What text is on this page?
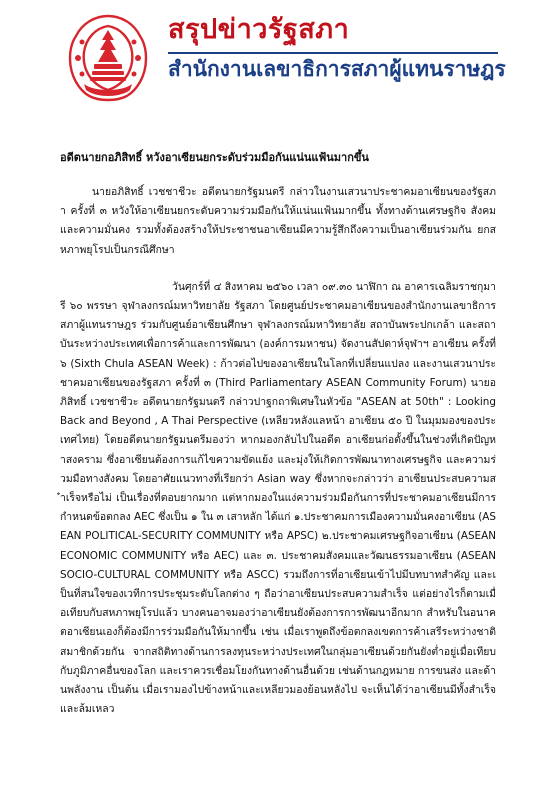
สรุปข่าวรัฐสภา
สำนักงานเลขาธิการสภาผู้แทนราษฎร
อดีตนายกอภิสิทธิ์ หวังอาเซียนยกระดับร่วมมือกันแน่นแฟ้นมากขึ้น

นายอภิสิทธิ์ เวชชาชีวะ อดีตนายกรัฐมนตรี กล่าวในงานเสวนาประชาคมอาเซียนของรัฐสภา ครั้งที่ ๓ หวังให้อาเซียนยกระดับความร่วมมือกันให้แน่นแฟ้นมากขึ้น ทั้งทางด้านเศรษฐกิจ สังคม และความมั่นคง รวมทั้งต้องสร้างให้ประชาชนอาเซียนมีความรู้สึกถึงความเป็นอาเซียนร่วมกัน ยกสหภาพยุโรปเป็นกรณีศึกษา

วันศุกร์ที่ ๔ สิงหาคม ๒๕๖๐ เวลา ๐๙.๓๐ นาฬิกา ณ อาคารเฉลิมราชกุมารี ๖๐ พรรษา จุฬาลงกรณ์มหาวิทยาลัย รัฐสภา โดยศูนย์ประชาคมอาเซียนของสำนักงานเลขาธิการสภาผู้แทนราษฎร ร่วมกับศูนย์อาเซียนศึกษา จุฬาลงกรณ์มหาวิทยาลัย สถาบันพระปกเกล้า และสถาบันระหว่างประเทศเพื่อการค้าและการพัฒนา (องค์การมหาชน) จัดงานสัปดาห์จุฬาฯ อาเซียน ครั้งที่ ๖ (Sixth Chula ASEAN Week) : ก้าวต่อไปของอาเซียนในโลกที่เปลี่ยนแปลง และงานเสวนาประชาคมอาเซียนของรัฐสภา ครั้งที่ ๓ (Third Parliamentary ASEAN Community Forum) นายอภิสิทธิ์ เวชชาชีวะ อดีตนายกรัฐมนตรี กล่าวปาฐกถาพิเศษในหัวข้อ "ASEAN at 50th" : Looking Back and Beyond , A Thai Perspective (เหลียวหลังแลหน้า อาเซียน ๕๐ ปี ในมุมมองของประเทศไทย) โดยอดีตนายกรัฐมนตรีมองว่า หากมองกลับไปในอดีต อาเซียนก่อตั้งขึ้นในช่วงที่เกิดปัญหาสงคราม ซึ่งอาเซียนต้องการแก้ไขความขัดแย้ง และมุ่งให้เกิดการพัฒนาทางเศรษฐกิจ และความร่วมมือทางสังคม โดยอาศัยแนวทางที่เรียกว่า Asian way ซึ่งหากจะกล่าวว่า อาเซียนประสบความสำเร็จหรือไม่ เป็นเรื่องที่ตอบยากมาก แต่หากมองในแง่ความร่วมมือกันการที่ประชาคมอาเซียนมีการกำหนดข้อตกลง AEC ซึ่งเป็น ๑ ใน ๓ เสาหลัก ได้แก่ ๑.ประชาคมการเมืองความมั่นคงอาเซียน (ASEAN POLITICAL-SECURITY COMMUNITY หรือ APSC) ๒.ประชาคมเศรษฐกิจอาเซียน (ASEAN ECONOMIC COMMUNITY หรือ AEC) และ ๓. ประชาคมสังคมและวัฒนธรรมอาเซียน (ASEAN SOCIO-CULTURAL COMMUNITY หรือ ASCC) รวมถึงการที่อาเซียนเข้าไปมีบทบาทสำคัญ และเป็นที่สนใจของเวทีการประชุมระดับโลกต่าง ๆ ถือว่าอาเซียนประสบความสำเร็จ แต่อย่างไรก็ตามเมื่อเทียบกับสหภาพยุโรปแล้ว บางคนอาจมองว่าอาเซียนยังต้องการการพัฒนาอีกมาก สำหรับในอนาคตอาเซียนเองก็ต้องมีการร่วมมือกันให้มากขึ้น เช่น เมื่อเราพูดถึงข้อตกลงเขตการค้าเสรีระหว่างชาติสมาชิกด้วยกัน จากสถิติทางด้านการลงทุนระหว่างประเทศในกลุ่มอาเซียนด้วยกันยังต่ำอยู่เมื่อเทียบกับภูมิภาคอื่นของโลก และเราควรเชื่อมโยงกันทางด้านอื่นด้วย เช่นด้านกฎหมาย การขนส่ง และด้านพลังงาน เป็นต้น เมื่อเรามองไปข้างหน้าและเหลียวมองย้อนหลังไป จะเห็นได้ว่าอาเซียนมีทั้งสำเร็จและล้มเหลว
